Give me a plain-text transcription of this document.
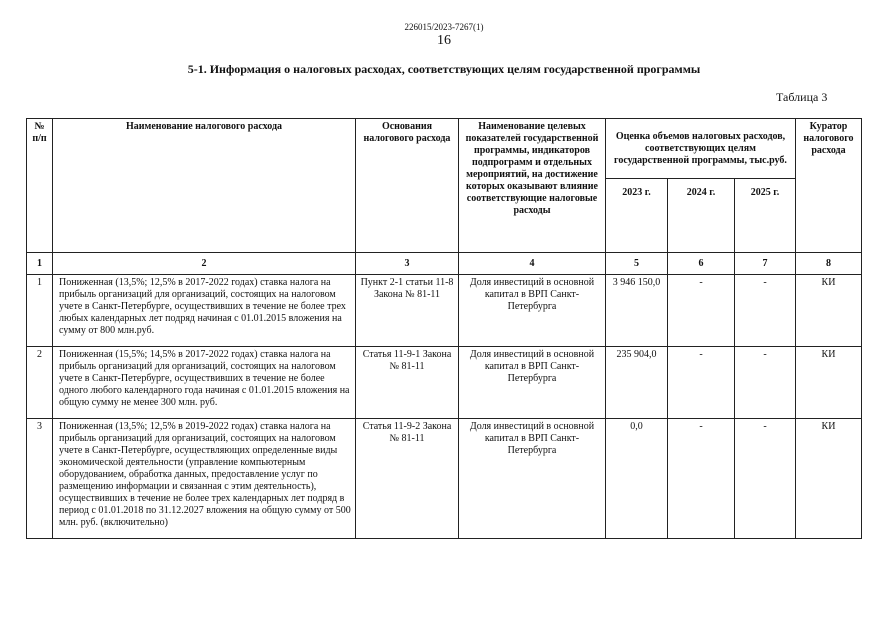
226015/2023-7267(1)
16
5-1. Информация о налоговых расходах, соответствующих целям государственной программы
Таблица 3
№ п/п	Наименование налогового расхода	Основания налогового расхода	Наименование целевых показателей государственной программы, индикаторов подпрограмм и отдельных мероприятий, на достижение которых оказывают влияние соответствующие налоговые расходы	Оценка объемов налоговых расходов, соответствующих целям государственной программы, тыс.руб.			Куратор налогового расхода
				2023 г.	2024 г.	2025 г.	
1	2	3	4	5	6	7	8
1	Пониженная (13,5%; 12,5% в 2017-2022 годах) ставка налога на прибыль организаций для организаций, состоящих на налоговом учете в Санкт-Петербурге, осуществивших в течение не более трех любых календарных лет подряд начиная с 01.01.2015 вложения на сумму от 800 млн.руб.	Пункт 2-1 статьи 11-8 Закона № 81-11	Доля инвестиций в основной капитал в ВРП Санкт-Петербурга	3 946 150,0	-	-	КИ
2	Пониженная (15,5%; 14,5% в 2017-2022 годах) ставка налога на прибыль организаций для организаций, состоящих на налоговом учете в Санкт-Петербурге, осуществивших в течение не более одного любого календарного года начиная с 01.01.2015 вложения на общую сумму не менее 300 млн. руб.	Статья 11-9-1 Закона № 81-11	Доля инвестиций в основной капитал в ВРП Санкт-Петербурга	235 904,0	-	-	КИ
3	Пониженная (13,5%; 12,5% в 2019-2022 годах) ставка налога на прибыль организаций для организаций, состоящих на налоговом учете в Санкт-Петербурге, осуществляющих определенные виды экономической деятельности (управление компьютерным оборудованием, обработка данных, предоставление услуг по размещению информации и связанная с этим деятельность), осуществивших в течение не более трех календарных лет подряд в период с 01.01.2018 по 31.12.2027 вложения на общую сумму от 500 млн. руб. (включительно)	Статья 11-9-2 Закона № 81-11	Доля инвестиций в основной капитал в ВРП Санкт-Петербурга	0,0	-	-	КИ
